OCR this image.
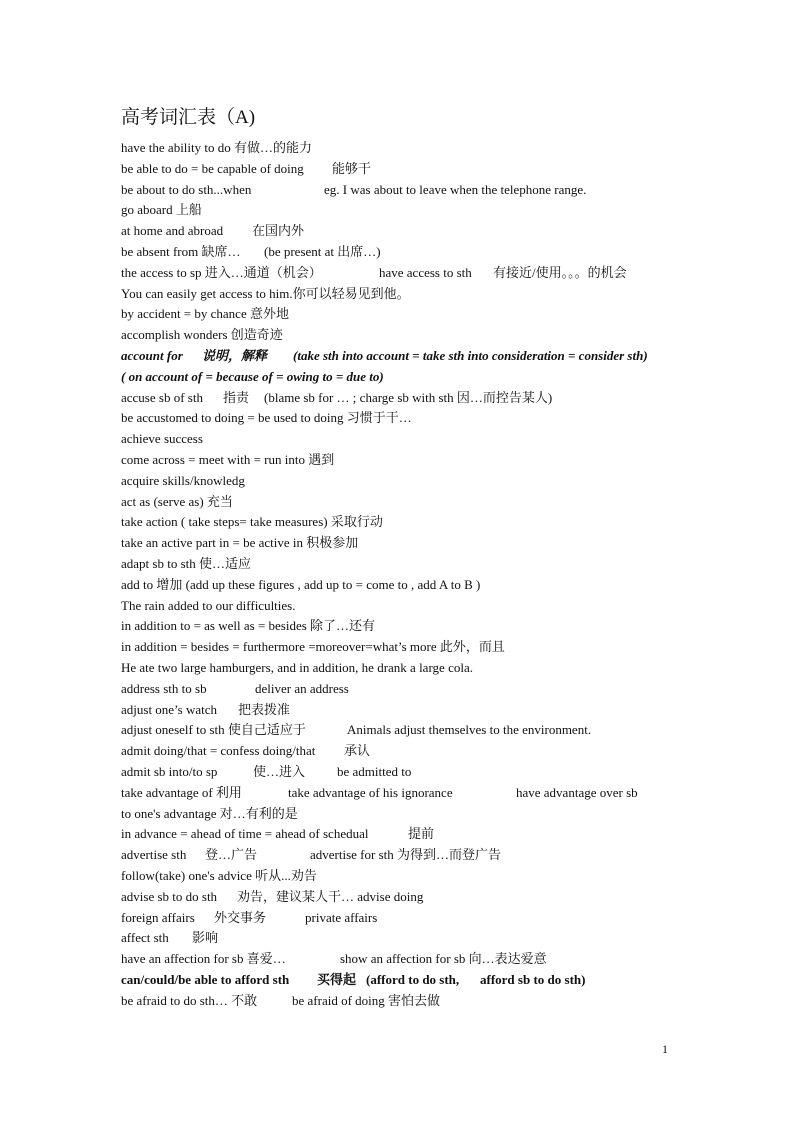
高考词汇表（A)
have the ability to do 有做…的能力
be able to do = be capable of doing 能够干
be about to do sth...when	eg. I was about to leave when the telephone range.
go aboard 上船
at home and abroad 在国内外
be absent from 缺席… (be present at 出席…)
the access to sp 进入…通道（机会）	have access to sth 有接近/使用。。。的机会
You can easily get access to him.你可以轻易见到他。
by accident = by chance 意外地
accomplish wonders 创造奇迹
account for 说明，解释 (take sth into account = take sth into consideration = consider sth)
( on account of = because of = owing to = due to)
accuse sb of sth 指责 (blame sb for … ; charge sb with sth 因…而控告某人)
be accustomed to doing = be used to doing 习惯于干…
achieve success
come across = meet with = run into 遇到
acquire skills/knowledg
act as (serve as) 充当
take action ( take steps= take measures) 采取行动
take an active part in = be active in 积极参加
adapt sb to sth 使…适应
add to 增加 (add up these figures , add up to = come to , add A to B )
The rain added to our difficulties.
in addition to = as well as = besides 除了…还有
in addition = besides = furthermore =moreover=what’s more 此外，而且
He ate two large hamburgers, and in addition, he drank a large cola.
address sth to sb	deliver an address
adjust one’s watch 把表拨准
adjust oneself to sth 使自己适应于	Animals adjust themselves to the environment.
admit doing/that = confess doing/that 承认
admit sb into/to sp	使…进入 be admitted to
take advantage of 利用	take advantage of his ignorance	have advantage over sb
to one's advantage 对…有利的是
in advance = ahead of time = ahead of schedual	提前
advertise sth 登…广告	advertise for sth 为得到…而登广告
follow(take) one's advice 听从...劝告
advise sb to do sth 劝告，建议某人干… advise doing
foreign affairs 外交事务	private affairs
affect sth 影响
have an affection for sb 喜爱…	show an affection for sb 向…表达爱意
can/could/be able to afford sth 买得起 (afford to do sth, afford sb to do sth)
be afraid to do sth… 不敢	be afraid of doing 害怕去做
1
